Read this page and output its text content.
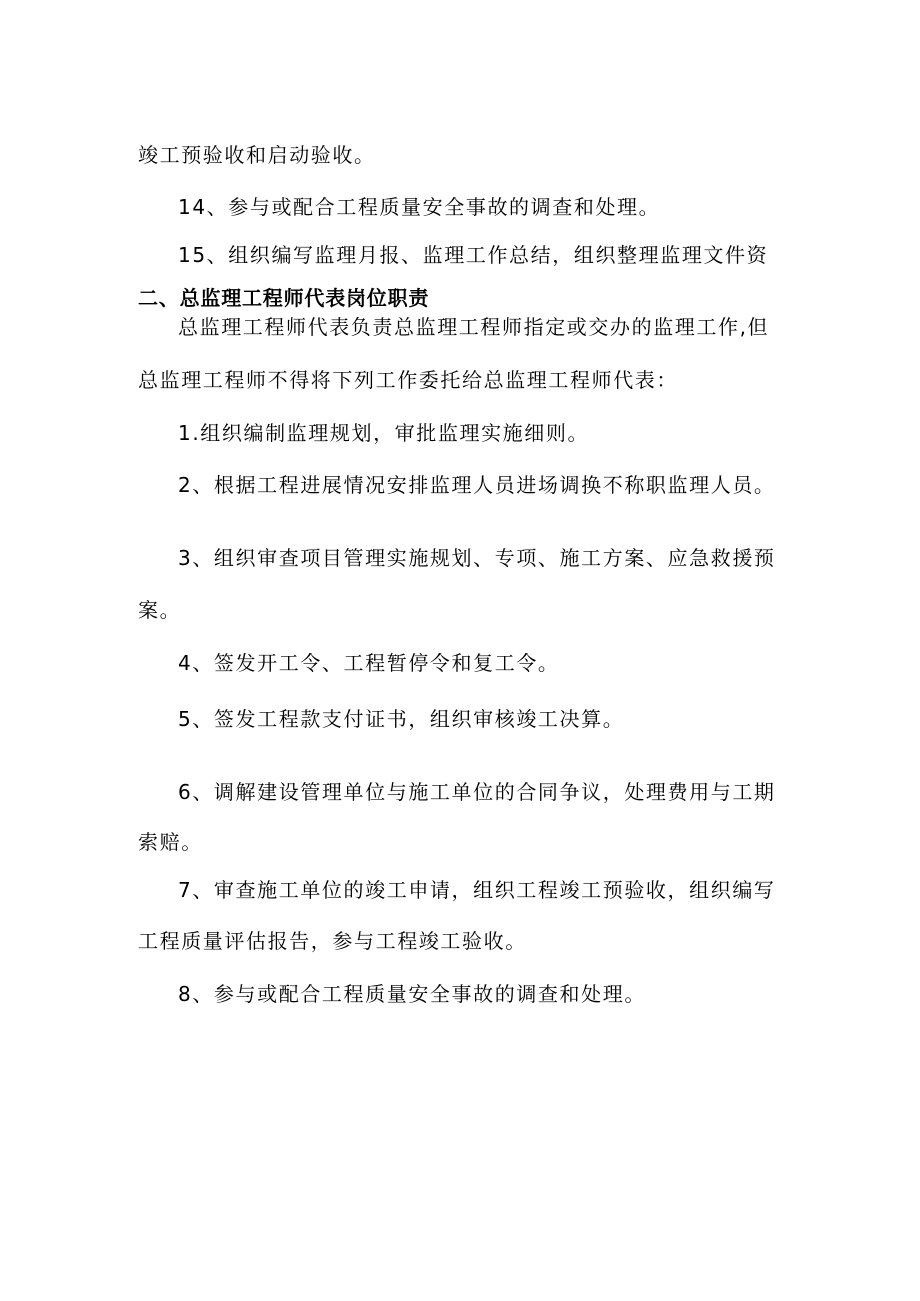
竣工预验收和启动验收。

14、参与或配合工程质量安全事故的调查和处理。

15、组织编写监理月报、监理工作总结，组织整理监理文件资

二、总监理工程师代表岗位职责

总监理工程师代表负责总监理工程师指定或交办的监理工作,但

总监理工程师不得将下列工作委托给总监理工程师代表：

1.组织编制监理规划，审批监理实施细则。

2、根据工程进展情况安排监理人员进场调换不称职监理人员。

3、组织审查项目管理实施规划、专项、施工方案、应急救援预

案。

4、签发开工令、工程暂停令和复工令。

5、签发工程款支付证书，组织审核竣工决算。

6、调解建设管理单位与施工单位的合同争议，处理费用与工期

索赔。

7、审查施工单位的竣工申请，组织工程竣工预验收，组织编写

工程质量评估报告，参与工程竣工验收。

8、参与或配合工程质量安全事故的调查和处理。
